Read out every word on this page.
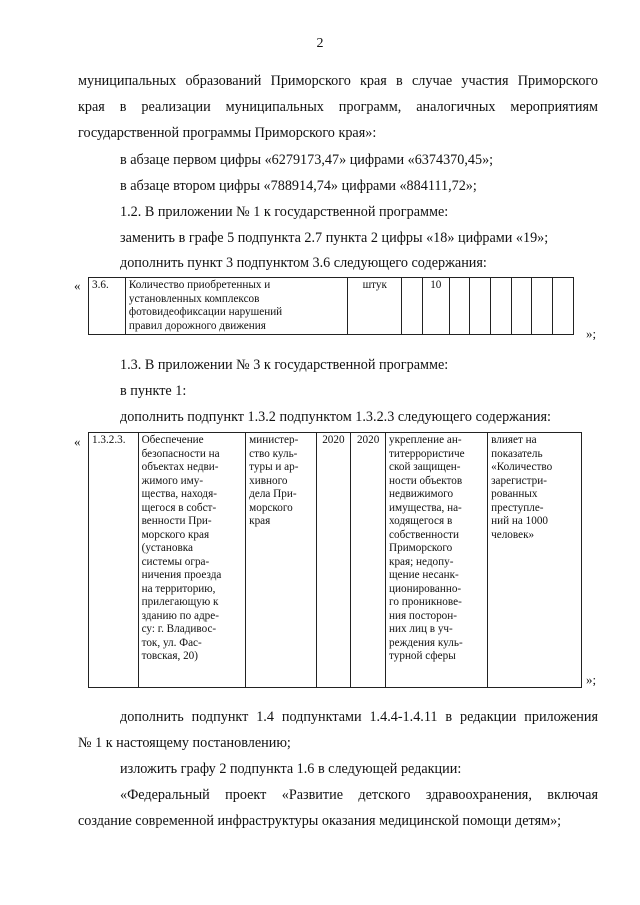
2
муниципальных образований Приморского края в случае участия Приморского
края в реализации муниципальных программ, аналогичных мероприятиям
государственной программы Приморского края»:
в абзаце первом цифры «6279173,47» цифрами «6374370,45»;
в абзаце втором цифры «788914,74» цифрами «884111,72»;
1.2. В приложении № 1 к государственной программе:
заменить в графе 5 подпункта 2.7 пункта 2 цифры «18» цифрами «19»;
дополнить пункт 3 подпунктом 3.6 следующего содержания:
« 3.6.	Количество приобретенных и
установленных комплексов
фотовидеофиксации нарушений
правил дорожного движения	штук		10						
»;
1.3. В приложении № 3 к государственной программе:
в пункте 1:
дополнить подпункт 1.3.2 подпунктом 1.3.2.3 следующего содержания:
« 1.3.2.3.	Обеспечение
безопасности на
объектах недви-
жимого иму-
щества, находя-
щегося в собст-
венности При-
морского края
(установка
системы огра-
ничения проезда
на территорию,
прилегающую к
зданию по адре-
су: г. Владивос-
ток, ул. Фас-
товская, 20)	министер-
ство куль-
туры и ар-
хивного
дела При-
морского
края	2020	2020	укрепление ан-
титеррористиче
ской защищен-
ности объектов
недвижимого
имущества, на-
ходящегося в
собственности
Приморского
края; недопу-
щение несанк-
ционированно-
го проникнове-
ния посторон-
них лиц в уч-
реждения куль-
турной сферы	влияет на
показатель
«Количество
зарегистри-
рованных
преступле-
ний на 1000
человек»
»;
дополнить подпункт 1.4 подпунктами 1.4.4-1.4.11 в редакции приложения
№ 1 к настоящему постановлению;
изложить графу 2 подпункта 1.6 в следующей редакции:
«Федеральный проект «Развитие детского здравоохранения, включая
создание современной инфраструктуры оказания медицинской помощи детям»;
